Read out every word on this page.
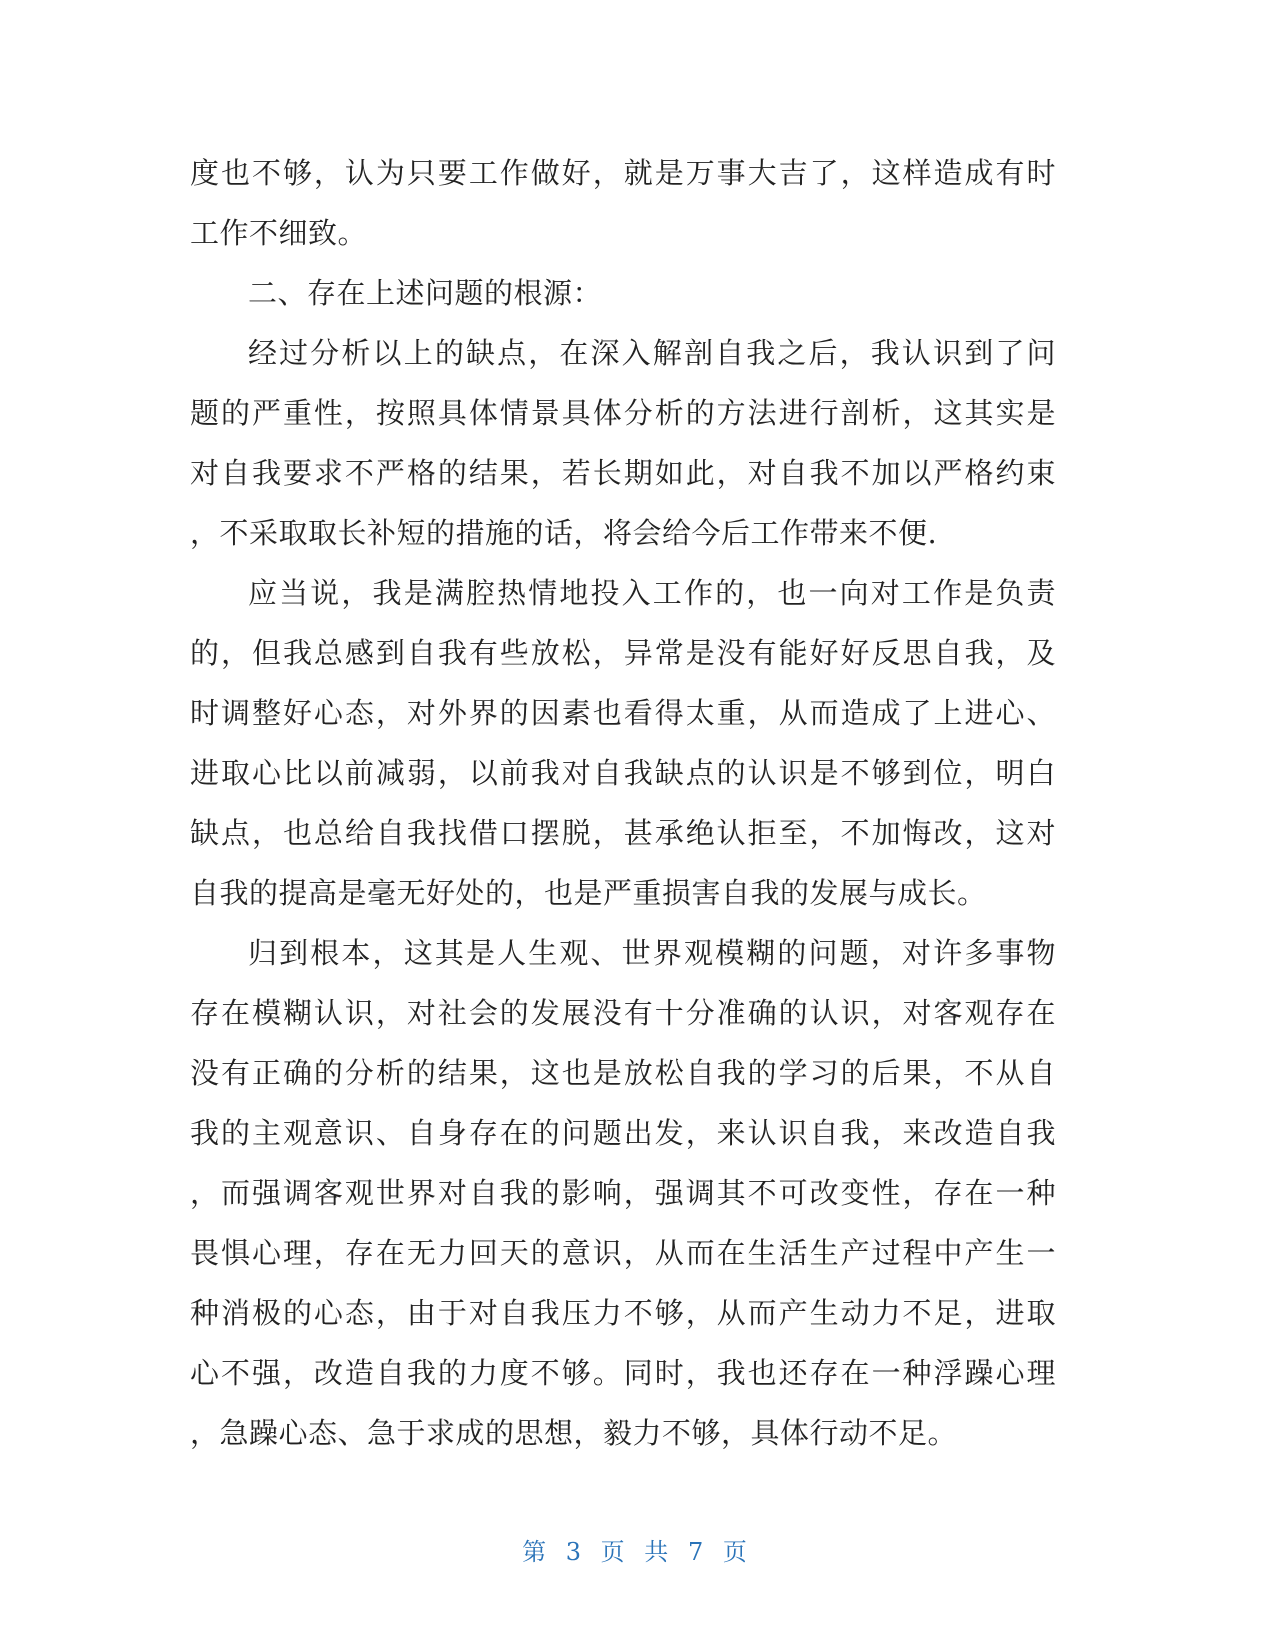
度也不够，认为只要工作做好，就是万事大吉了，这样造成有时
工作不细致。
二、存在上述问题的根源：
经过分析以上的缺点，在深入解剖自我之后，我认识到了问
题的严重性，按照具体情景具体分析的方法进行剖析，这其实是
对自我要求不严格的结果，若长期如此，对自我不加以严格约束
，不采取取长补短的措施的话，将会给今后工作带来不便.
应当说，我是满腔热情地投入工作的，也一向对工作是负责
的，但我总感到自我有些放松，异常是没有能好好反思自我，及
时调整好心态，对外界的因素也看得太重，从而造成了上进心、
进取心比以前减弱，以前我对自我缺点的认识是不够到位，明白
缺点，也总给自我找借口摆脱，甚承绝认拒至，不加悔改，这对
自我的提高是毫无好处的，也是严重损害自我的发展与成长。
归到根本，这其是人生观、世界观模糊的问题，对许多事物
存在模糊认识，对社会的发展没有十分准确的认识，对客观存在
没有正确的分析的结果，这也是放松自我的学习的后果，不从自
我的主观意识、自身存在的问题出发，来认识自我，来改造自我
，而强调客观世界对自我的影响，强调其不可改变性，存在一种
畏惧心理，存在无力回天的意识，从而在生活生产过程中产生一
种消极的心态，由于对自我压力不够，从而产生动力不足，进取
心不强，改造自我的力度不够。同时，我也还存在一种浮躁心理
，急躁心态、急于求成的思想，毅力不够，具体行动不足。
第 3 页 共 7 页
